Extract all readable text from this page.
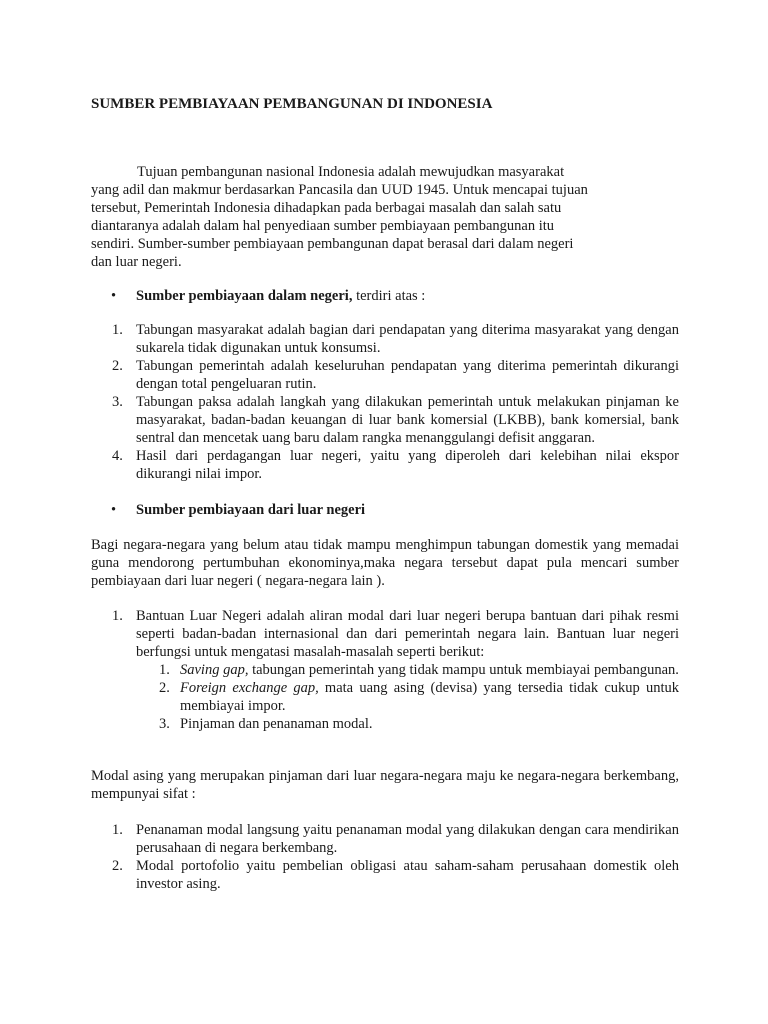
SUMBER PEMBIAYAAN PEMBANGUNAN DI INDONESIA

Tujuan pembangunan nasional Indonesia adalah mewujudkan masyarakat

yang adil dan makmur berdasarkan Pancasila dan UUD 1945. Untuk mencapai tujuan

tersebut, Pemerintah Indonesia dihadapkan pada berbagai masalah dan salah satu

diantaranya adalah dalam hal penyediaan sumber pembiayaan pembangunan itu

sendiri. Sumber-sumber pembiayaan pembangunan dapat berasal dari dalam negeri

dan luar negeri.

• Sumber pembiayaan dalam negeri, terdiri atas :
1. Tabungan masyarakat adalah bagian dari pendapatan yang diterima masyarakat yang dengan sukarela tidak digunakan untuk konsumsi.
2. Tabungan pemerintah adalah keseluruhan pendapatan yang diterima pemerintah dikurangi dengan total pengeluaran rutin.
3. Tabungan paksa adalah langkah yang dilakukan pemerintah untuk melakukan pinjaman ke masyarakat, badan-badan keuangan di luar bank komersial (LKBB), bank komersial, bank sentral dan mencetak uang baru dalam rangka menanggulangi defisit anggaran.
4. Hasil dari perdagangan luar negeri, yaitu yang diperoleh dari kelebihan nilai ekspor dikurangi nilai impor.
• Sumber pembiayaan dari luar negeri
Bagi negara-negara yang belum atau tidak mampu menghimpun tabungan domestik yang memadai guna mendorong pertumbuhan ekonominya,maka negara tersebut dapat pula mencari sumber pembiayaan dari luar negeri ( negara-negara lain ).
1. Bantuan Luar Negeri adalah aliran modal dari luar negeri berupa bantuan dari pihak resmi seperti badan-badan internasional dan dari pemerintah negara lain. Bantuan luar negeri berfungsi untuk mengatasi masalah-masalah seperti berikut:
1. Saving gap, tabungan pemerintah yang tidak mampu untuk membiayai pembangunan.
2. Foreign exchange gap, mata uang asing (devisa) yang tersedia tidak cukup untuk membiayai impor.
3. Pinjaman dan penanaman modal.
Modal asing yang merupakan pinjaman dari luar negara-negara maju ke negara-negara berkembang, mempunyai sifat :
1. Penanaman modal langsung yaitu penanaman modal yang dilakukan dengan cara mendirikan perusahaan di negara berkembang.
2. Modal portofolio yaitu pembelian obligasi atau saham-saham perusahaan domestik oleh investor asing.
